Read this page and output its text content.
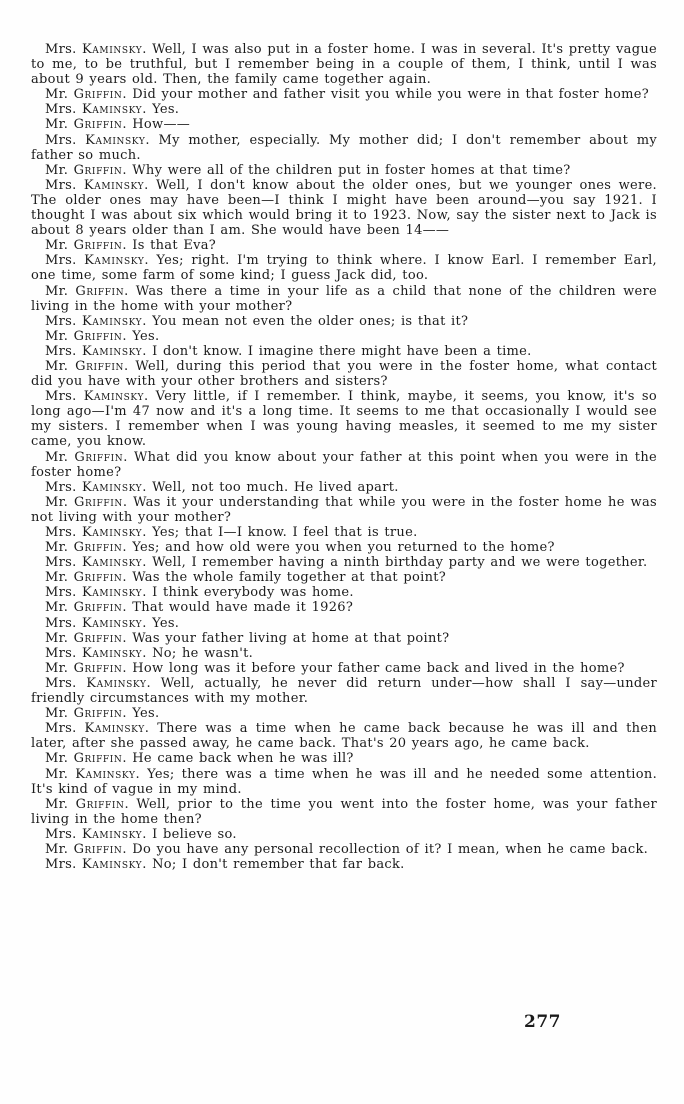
Mrs. Kaminsky. Well, I was also put in a foster home. I was in several. It's pretty vague to me, to be truthful, but I remember being in a couple of them, I think, until I was about 9 years old. Then, the family came together again.

Mr. Griffin. Did your mother and father visit you while you were in that foster home?

Mrs. Kaminsky. Yes.

Mr. Griffin. How——

Mrs. Kaminsky. My mother, especially. My mother did; I don't remember about my father so much.

Mr. Griffin. Why were all of the children put in foster homes at that time?

Mrs. Kaminsky. Well, I don't know about the older ones, but we younger ones were. The older ones may have been—I think I might have been around—you say 1921. I thought I was about six which would bring it to 1923. Now, say the sister next to Jack is about 8 years older than I am. She would have been 14——

Mr. Griffin. Is that Eva?

Mrs. Kaminsky. Yes; right. I'm trying to think where. I know Earl. I remember Earl, one time, some farm of some kind; I guess Jack did, too.

Mr. Griffin. Was there a time in your life as a child that none of the children were living in the home with your mother?

Mrs. Kaminsky. You mean not even the older ones; is that it?

Mr. Griffin. Yes.

Mrs. Kaminsky. I don't know. I imagine there might have been a time.

Mr. Griffin. Well, during this period that you were in the foster home, what contact did you have with your other brothers and sisters?

Mrs. Kaminsky. Very little, if I remember. I think, maybe, it seems, you know, it's so long ago—I'm 47 now and it's a long time. It seems to me that occasionally I would see my sisters. I remember when I was young having measles, it seemed to me my sister came, you know.

Mr. Griffin. What did you know about your father at this point when you were in the foster home?

Mrs. Kaminsky. Well, not too much. He lived apart.

Mr. Griffin. Was it your understanding that while you were in the foster home he was not living with your mother?

Mrs. Kaminsky. Yes; that I—I know. I feel that is true.

Mr. Griffin. Yes; and how old were you when you returned to the home?

Mrs. Kaminsky. Well, I remember having a ninth birthday party and we were together.

Mr. Griffin. Was the whole family together at that point?

Mrs. Kaminsky. I think everybody was home.

Mr. Griffin. That would have made it 1926?

Mrs. Kaminsky. Yes.

Mr. Griffin. Was your father living at home at that point?

Mrs. Kaminsky. No; he wasn't.

Mr. Griffin. How long was it before your father came back and lived in the home?

Mrs. Kaminsky. Well, actually, he never did return under—how shall I say—under friendly circumstances with my mother.

Mr. Griffin. Yes.

Mrs. Kaminsky. There was a time when he came back because he was ill and then later, after she passed away, he came back. That's 20 years ago, he came back.

Mr. Griffin. He came back when he was ill?

Mr. Kaminsky. Yes; there was a time when he was ill and he needed some attention. It's kind of vague in my mind.

Mr. Griffin. Well, prior to the time you went into the foster home, was your father living in the home then?

Mrs. Kaminsky. I believe so.

Mr. Griffin. Do you have any personal recollection of it? I mean, when he came back.

Mrs. Kaminsky. No; I don't remember that far back.

277
